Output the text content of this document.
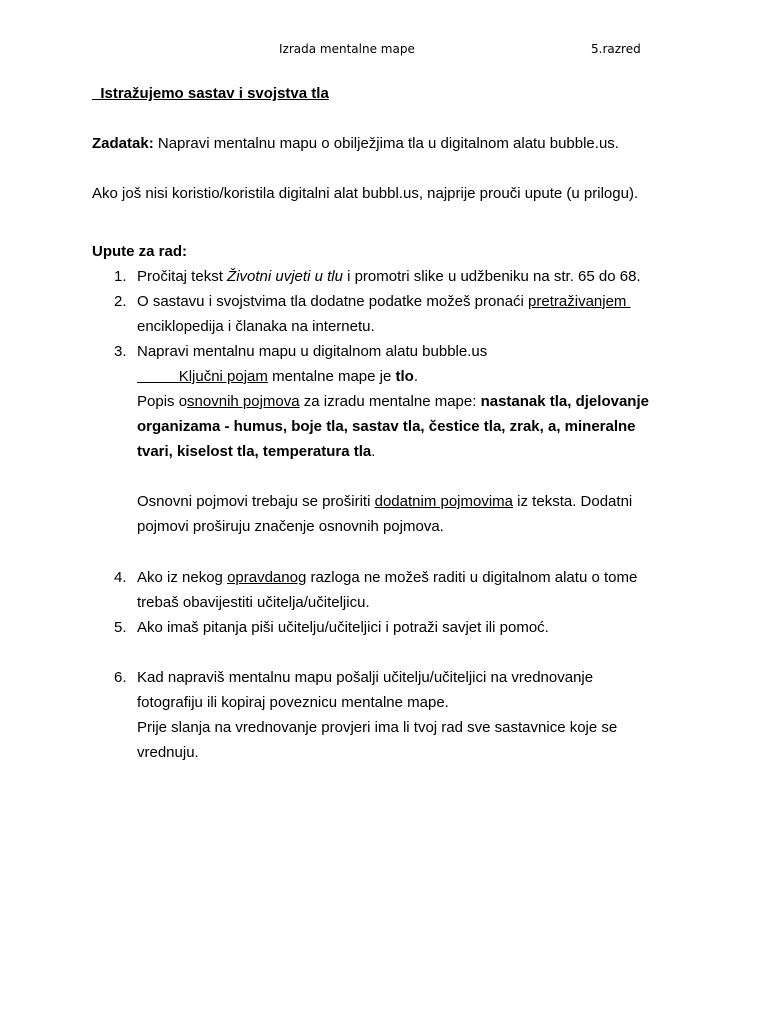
Izrada mentalne mape	5.razred
Istražujemo sastav i svojstva tla
Zadatak: Napravi mentalnu mapu o obilježjima tla u digitalnom alatu bubble.us.
Ako još nisi koristio/koristila digitalni alat bubbl.us, najprije prouči upute (u prilogu).
Upute za rad:
1. Pročitaj tekst Životni uvjeti u tlu i promotri slike u udžbeniku na str. 65 do 68.
2. O sastavu i svojstvima tla dodatne podatke možeš pronaći pretraživanjem
enciklopedija i članaka na internetu.
3. Napravi mentalnu mapu u digitalnom alatu bubble.us
Ključni pojam mentalne mape je tlo.
Popis osnovnih pojmova za izradu mentalne mape: nastanak tla, djelovanje
organizama - humus, boje tla, sastav tla, čestice tla, zrak, a, mineralne
tvari, kiselost tla, temperatura tla.
Osnovni pojmovi trebaju se proširiti dodatnim pojmovima iz teksta. Dodatni
pojmovi proširuju značenje osnovnih pojmova.
4. Ako iz nekog opravdanog razloga ne možeš raditi u digitalnom alatu o tome
trebaš obavijestiti učitelja/učiteljicu.
5. Ako imaš pitanja piši učitelju/učiteljici i potraži savjet ili pomoć.
6. Kad napraviš mentalnu mapu pošalji učitelju/učiteljici na vrednovanje
fotografiju ili kopiraj poveznicu mentalne mape.
Prije slanja na vrednovanje provjeri ima li tvoj rad sve sastavnice koje se
vrednuju.
